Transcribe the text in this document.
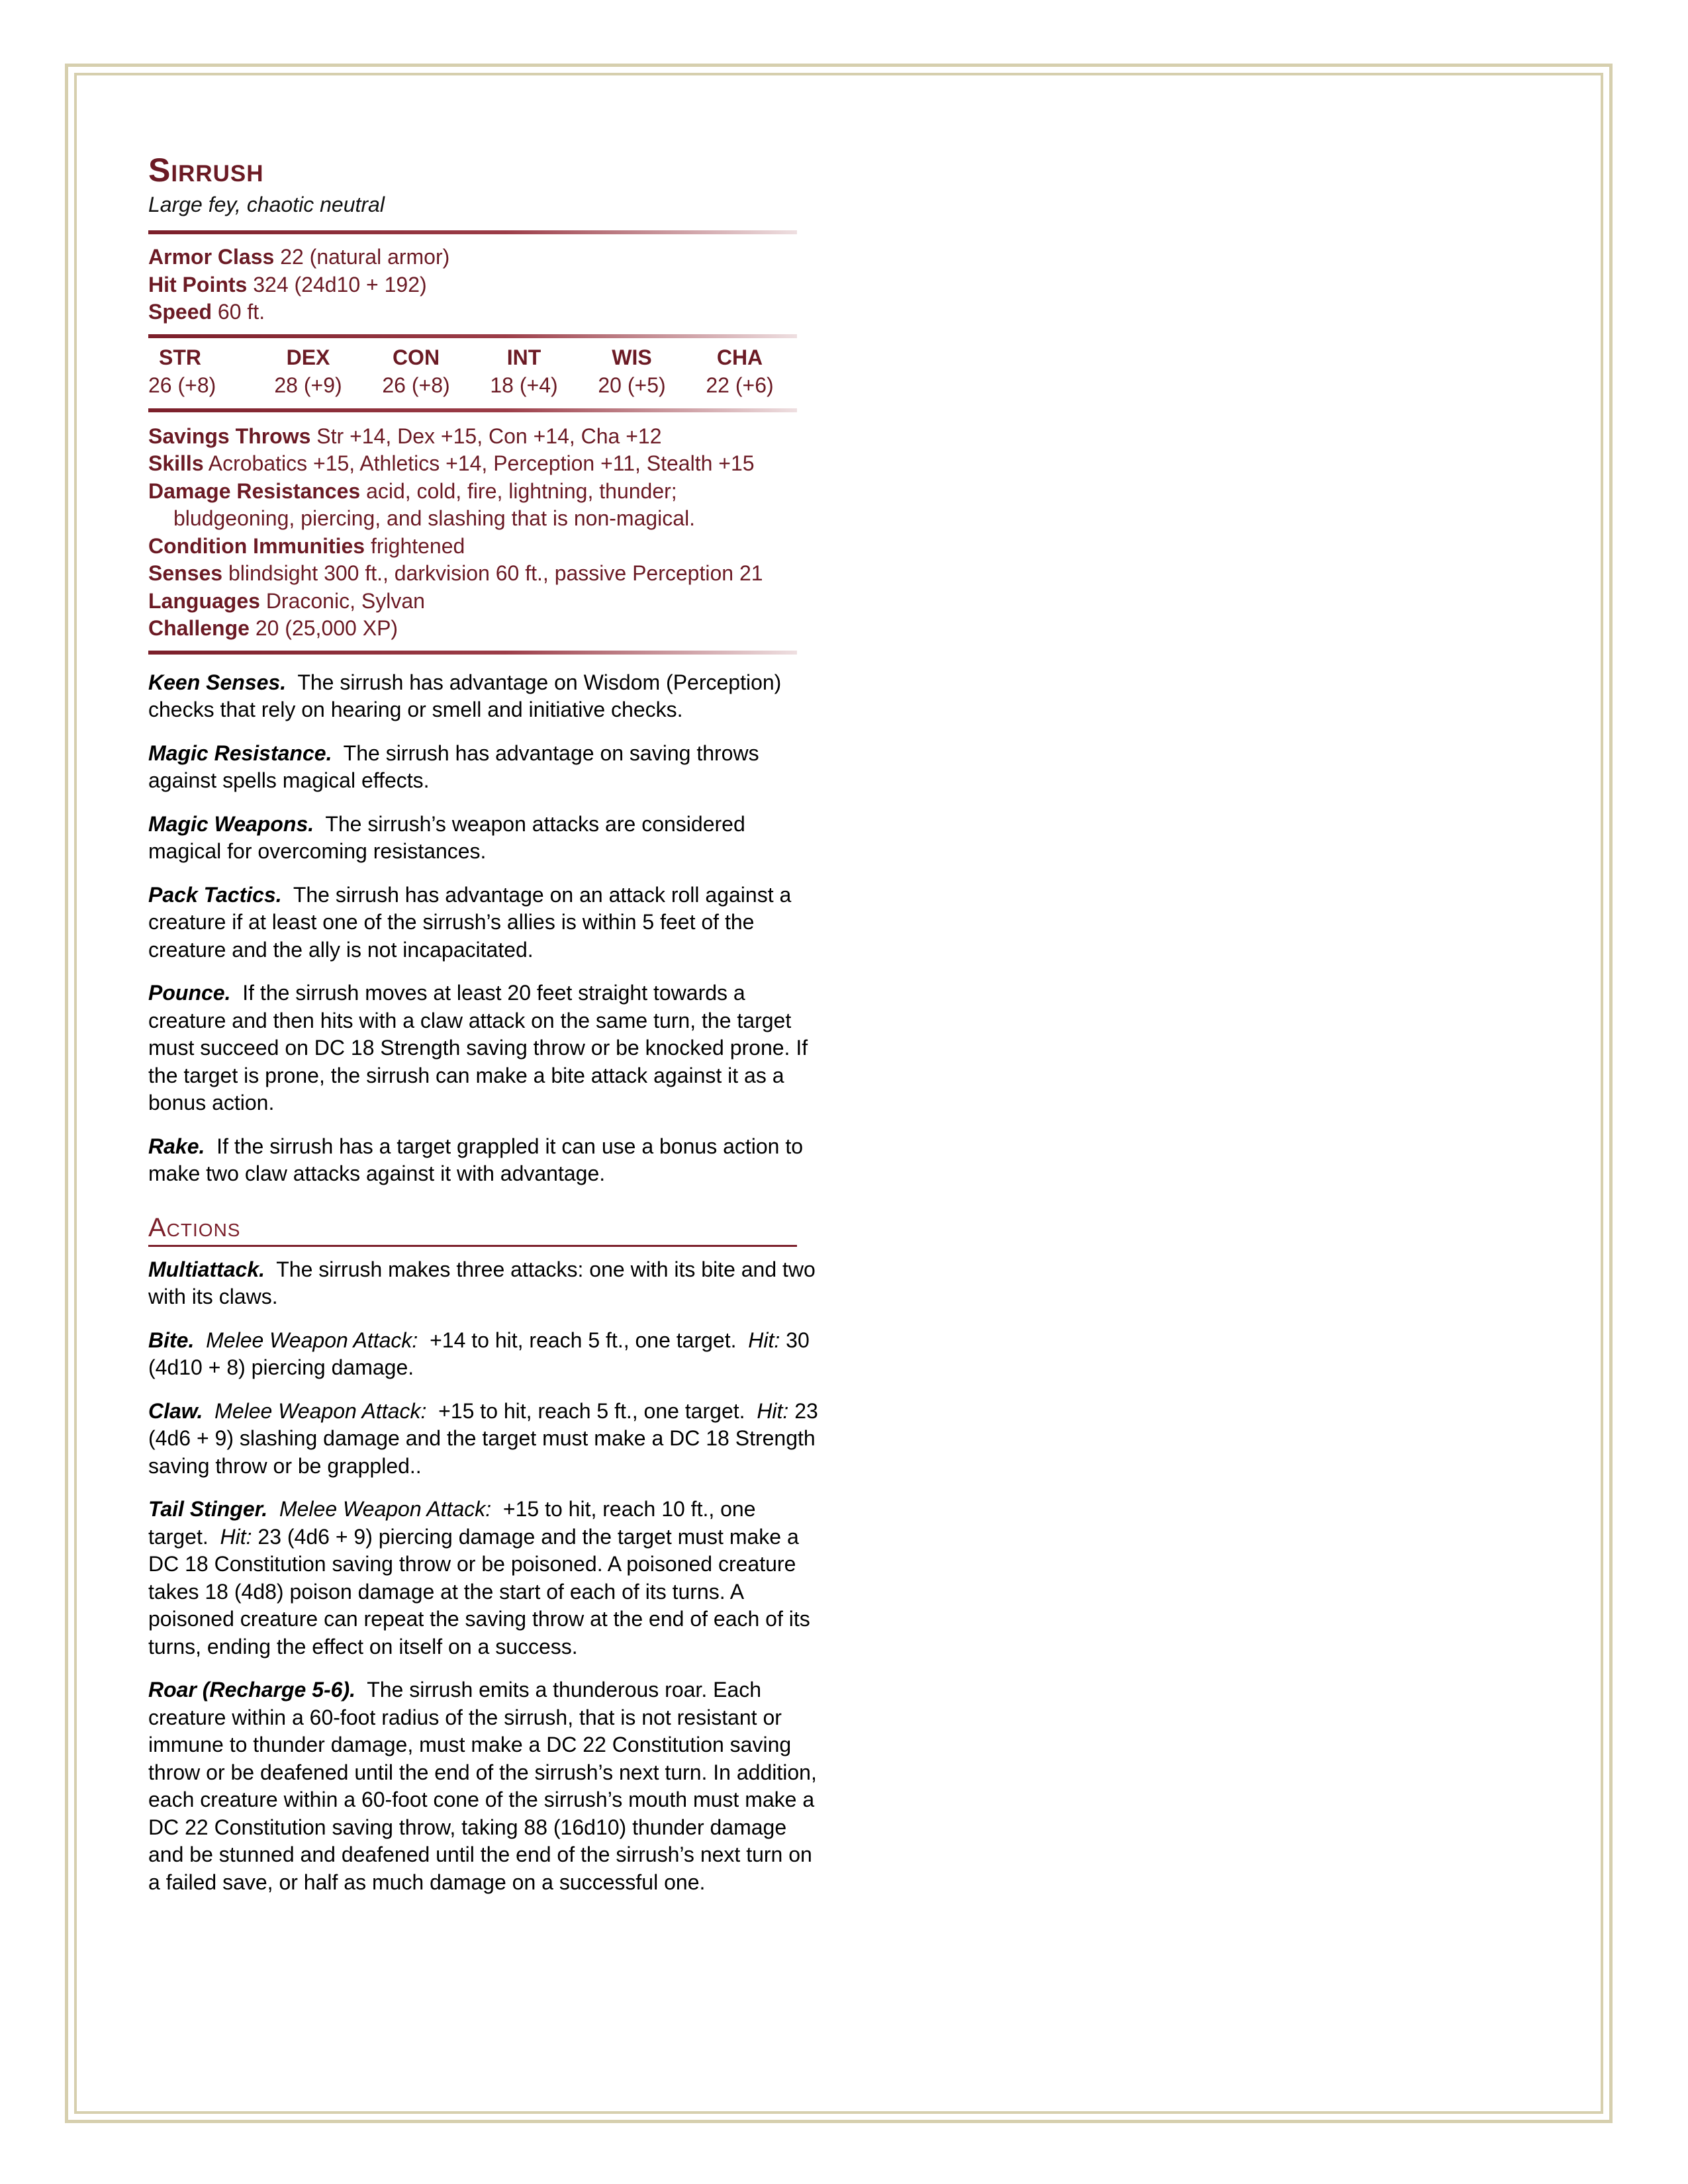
Sirrush

Large fey, chaotic neutral

Armor Class 22 (natural armor)
Hit Points 324 (24d10 + 192)
Speed 60 ft.
STR
26 (+8)
DEX
28 (+9)
CON
26 (+8)
INT
18 (+4)
WIS
20 (+5)
CHA
22 (+6)
Savings Throws Str +14, Dex +15, Con +14, Cha +12
Skills Acrobatics +15, Athletics +14, Perception +11, Stealth +15
Damage Resistances acid, cold, fire, lightning, thunder;
bludgeoning, piercing, and slashing that is non-magical.
Condition Immunities frightened
Senses blindsight 300 ft., darkvision 60 ft., passive Perception 21
Languages Draconic, Sylvan
Challenge 20 (25,000 XP)

Keen Senses. The sirrush has advantage on Wisdom (Perception) checks that rely on hearing or smell and initiative checks.

Magic Resistance. The sirrush has advantage on saving throws against spells magical effects.

Magic Weapons. The sirrush’s weapon attacks are considered magical for overcoming resistances.

Pack Tactics. The sirrush has advantage on an attack roll against a creature if at least one of the sirrush’s allies is within 5 feet of the creature and the ally is not incapacitated.

Pounce. If the sirrush moves at least 20 feet straight towards a creature and then hits with a claw attack on the same turn, the target must succeed on DC 18 Strength saving throw or be knocked prone. If the target is prone, the sirrush can make a bite attack against it as a bonus action.

Rake. If the sirrush has a target grappled it can use a bonus action to make two claw attacks against it with advantage.

Actions

Multiattack. The sirrush makes three attacks: one with its bite and two with its claws.

Bite. Melee Weapon Attack: +14 to hit, reach 5 ft., one target. Hit: 30 (4d10 + 8) piercing damage.

Claw. Melee Weapon Attack: +15 to hit, reach 5 ft., one target. Hit: 23 (4d6 + 9) slashing damage and the target must make a DC 18 Strength saving throw or be grappled..

Tail Stinger. Melee Weapon Attack: +15 to hit, reach 10 ft., one target. Hit: 23 (4d6 + 9) piercing damage and the target must make a DC 18 Constitution saving throw or be poisoned. A poisoned creature takes 18 (4d8) poison damage at the start of each of its turns. A poisoned creature can repeat the saving throw at the end of each of its turns, ending the effect on itself on a success.

Roar (Recharge 5-6). The sirrush emits a thunderous roar. Each creature within a 60-foot radius of the sirrush, that is not resistant or immune to thunder damage, must make a DC 22 Constitution saving throw or be deafened until the end of the sirrush’s next turn. In addition, each creature within a 60-foot cone of the sirrush’s mouth must make a DC 22 Constitution saving throw, taking 88 (16d10) thunder damage and be stunned and deafened until the end of the sirrush’s next turn on a failed save, or half as much damage on a successful one.
